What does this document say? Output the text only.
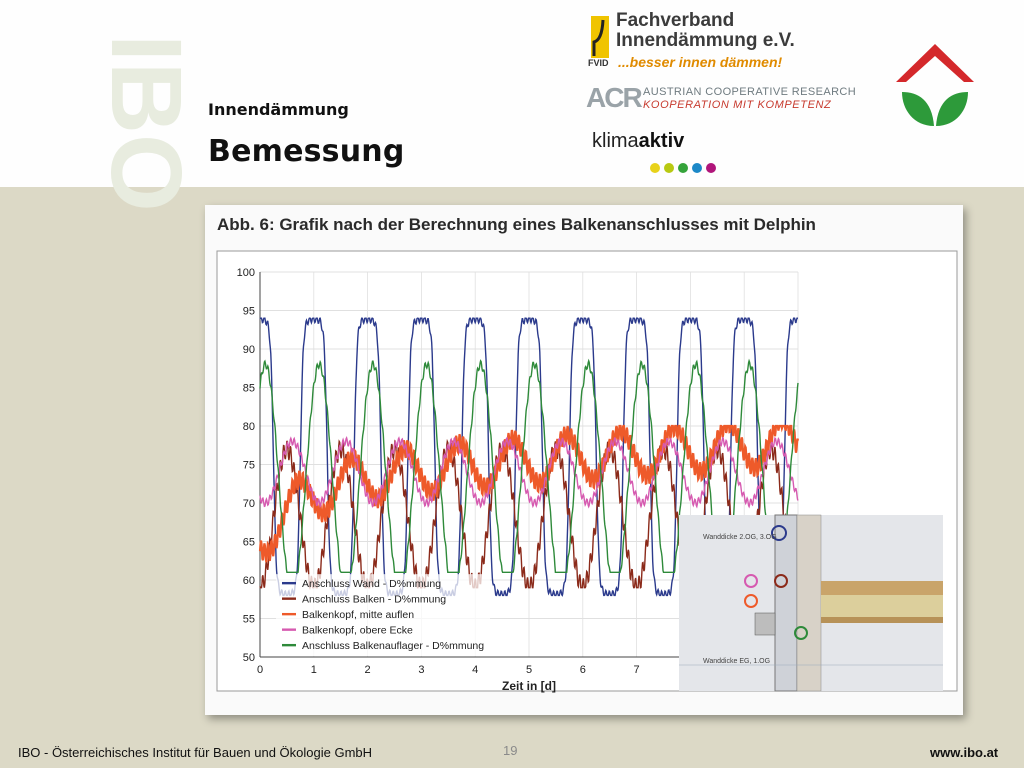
IBO Innendämmung
Bemessung
Fachverband
Innendämmung e.V.
FVID ...besser innen dämmen!
ACR AUSTRIAN COOPERATIVE RESEARCH
KOOPERATION MIT KOMPETENZ
klimaaktiv
Abb. 6: Grafik nach der Berechnung eines Balkenanschlusses mit Delphin
50
55
60
65
70
75
80
85
90
95
100
0	1	2	3	4	5	6	7
Zeit in [d]
Anschluss Wand - D%mmung
Anschluss Balken - D%mmung
Balkenkopf, mitte auflen
Balkenkopf, obere Ecke
Anschluss Balkenauflager - D%mmung
Wanddicke 2.OG, 3.OG
Wanddicke EG, 1.OG
IBO - Österreichisches Institut für Bauen und Ökologie GmbH	19	www.ibo.at
